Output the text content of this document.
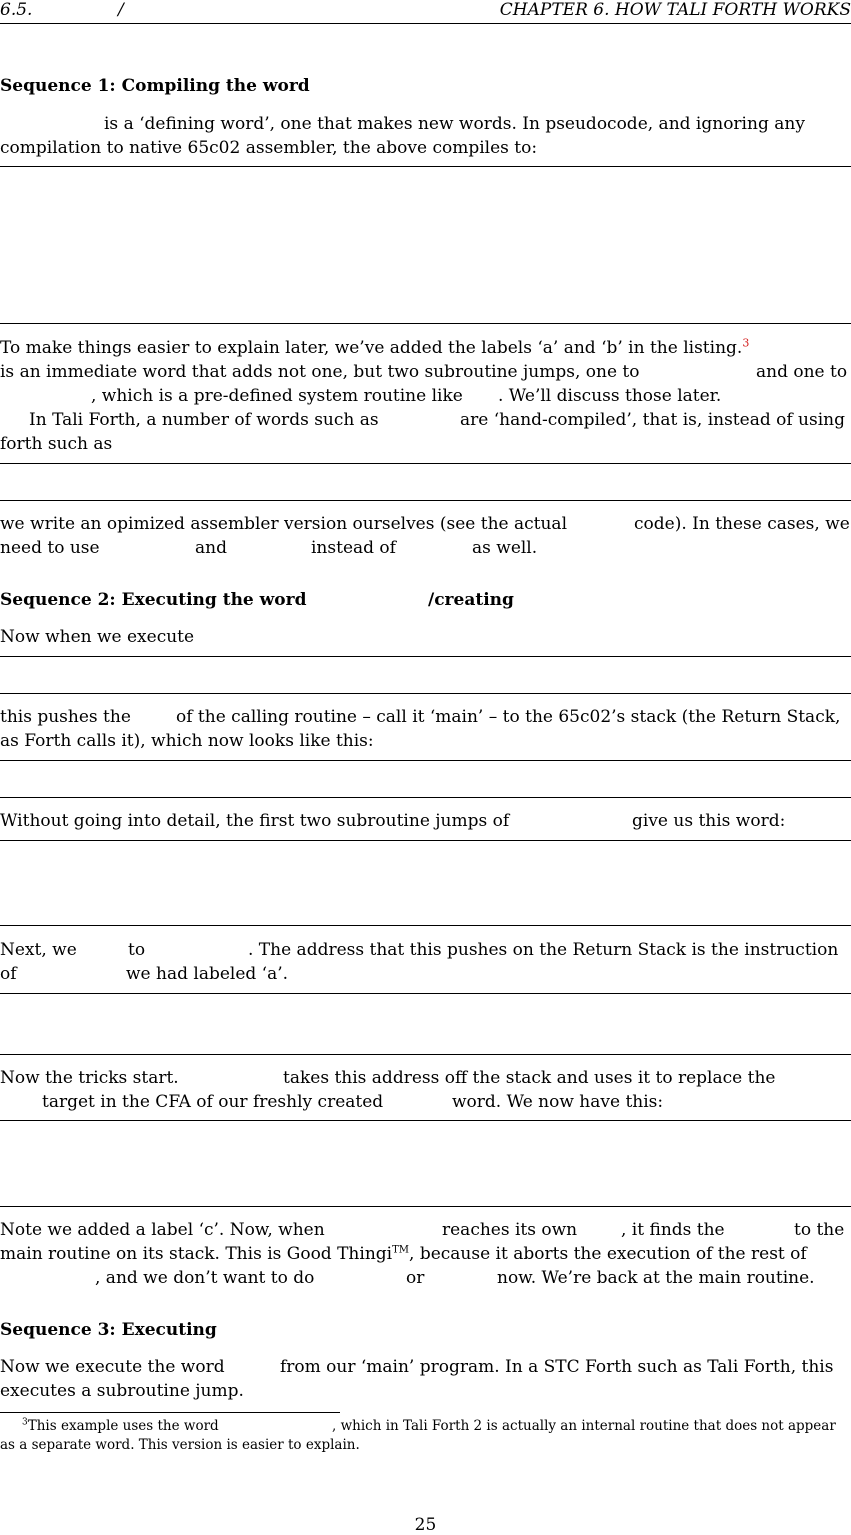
6.5.	/	CHAPTER 6. HOW TALI FORTH WORKS
Sequence 1: Compiling the word
is a ‘defining word’, one that makes new words. In pseudocode, and ignoring any
compilation to native 65c02 assembler, the above compiles to:
To make things easier to explain later, we’ve added the labels ‘a’ and ‘b’ in the listing.$^3$
is an immediate word that adds not one, but two subroutine jumps, one to	and one to
, which is a pre-defined system routine like . We’ll discuss those later.
In Tali Forth, a number of words such as	are ‘hand-compiled’, that is, instead of using
forth such as
we write an opimized assembler version ourselves (see the actual	code). In these cases, we
need to use	and	instead of	as well.
Sequence 2: Executing the word	/creating
Now when we execute
this pushes the	of the calling routine – call it ‘main’ – to the 65c02’s stack (the Return Stack,
as Forth calls it), which now looks like this:
Without going into detail, the first two subroutine jumps of	give us this word:
Next, we	to	. The address that this pushes on the Return Stack is the instruction
of	we had labeled ‘a’.
Now the tricks start.	takes this address off the stack and uses it to replace the
target in the CFA of our freshly created	word. We now have this:
Note we added a label ‘c’. Now, when	reaches its own	, it finds the	to the
main routine on its stack. This is Good Thingi™, because it aborts the execution of the rest of
, and we don’t want to do	or	now. We’re back at the main routine.
Sequence 3: Executing
Now we execute the word	from our ‘main’ program. In a STC Forth such as Tali Forth, this
executes a subroutine jump.
$^3$This example uses the word	, which in Tali Forth 2 is actually an internal routine that does not appear
as a separate word. This version is easier to explain.
25
